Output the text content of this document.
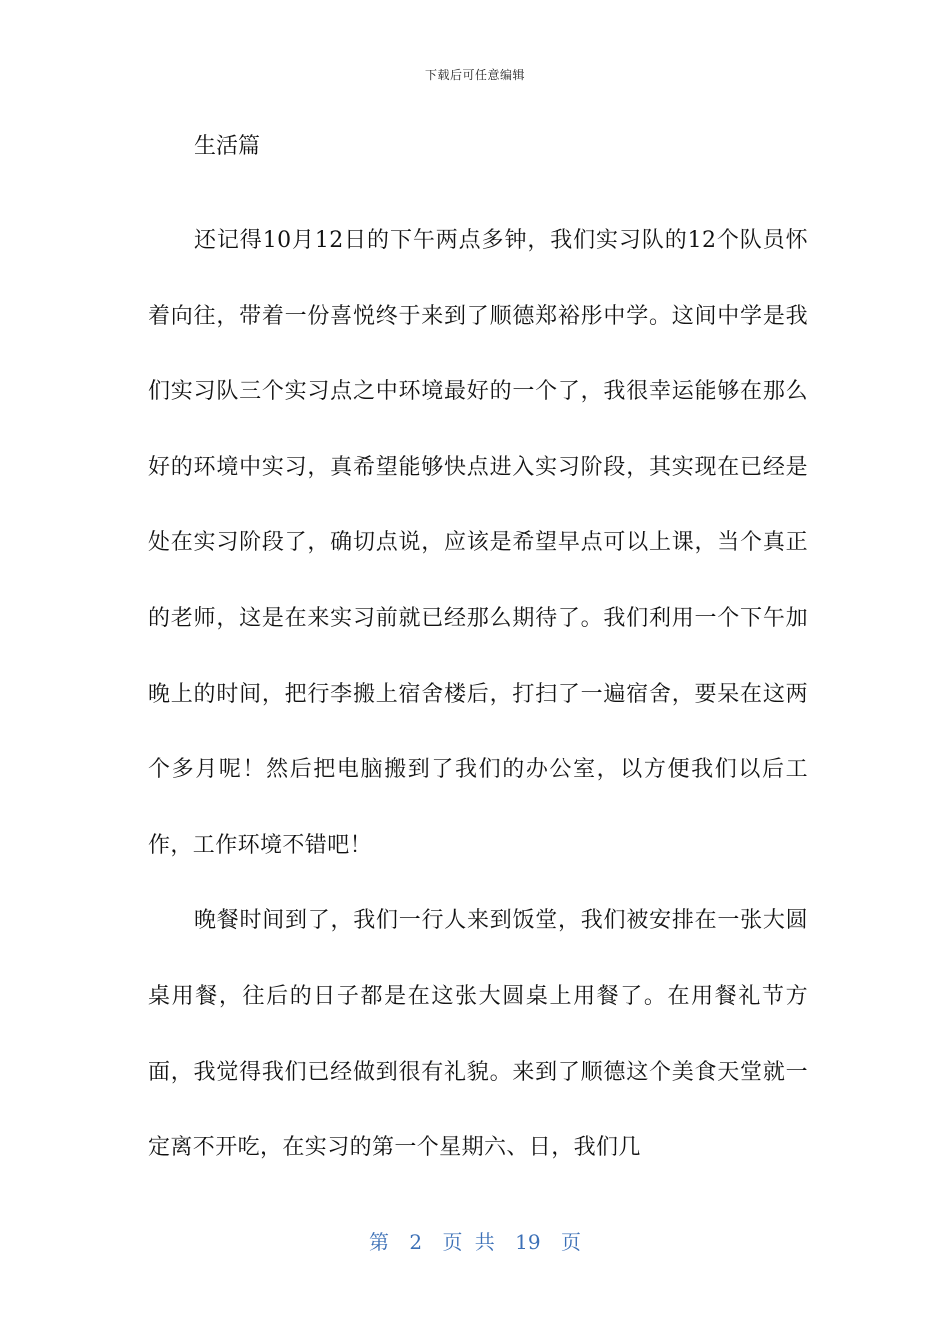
下载后可任意编辑
生活篇

还记得10月12日的下午两点多钟，我们实习队的12个队员怀着向往，带着一份喜悦终于来到了顺德郑裕彤中学。这间中学是我们实习队三个实习点之中环境最好的一个了，我很幸运能够在那么好的环境中实习，真希望能够快点进入实习阶段，其实现在已经是处在实习阶段了，确切点说，应该是希望早点可以上课，当个真正的老师，这是在来实习前就已经那么期待了。我们利用一个下午加晚上的时间，把行李搬上宿舍楼后，打扫了一遍宿舍，要呆在这两个多月呢！然后把电脑搬到了我们的办公室，以方便我们以后工作，工作环境不错吧！

晚餐时间到了，我们一行人来到饭堂，我们被安排在一张大圆桌用餐，往后的日子都是在这张大圆桌上用餐了。在用餐礼节方面，我觉得我们已经做到很有礼貌。来到了顺德这个美食天堂就一定离不开吃，在实习的第一个星期六、日，我们几

第 2 页 共 19 页
